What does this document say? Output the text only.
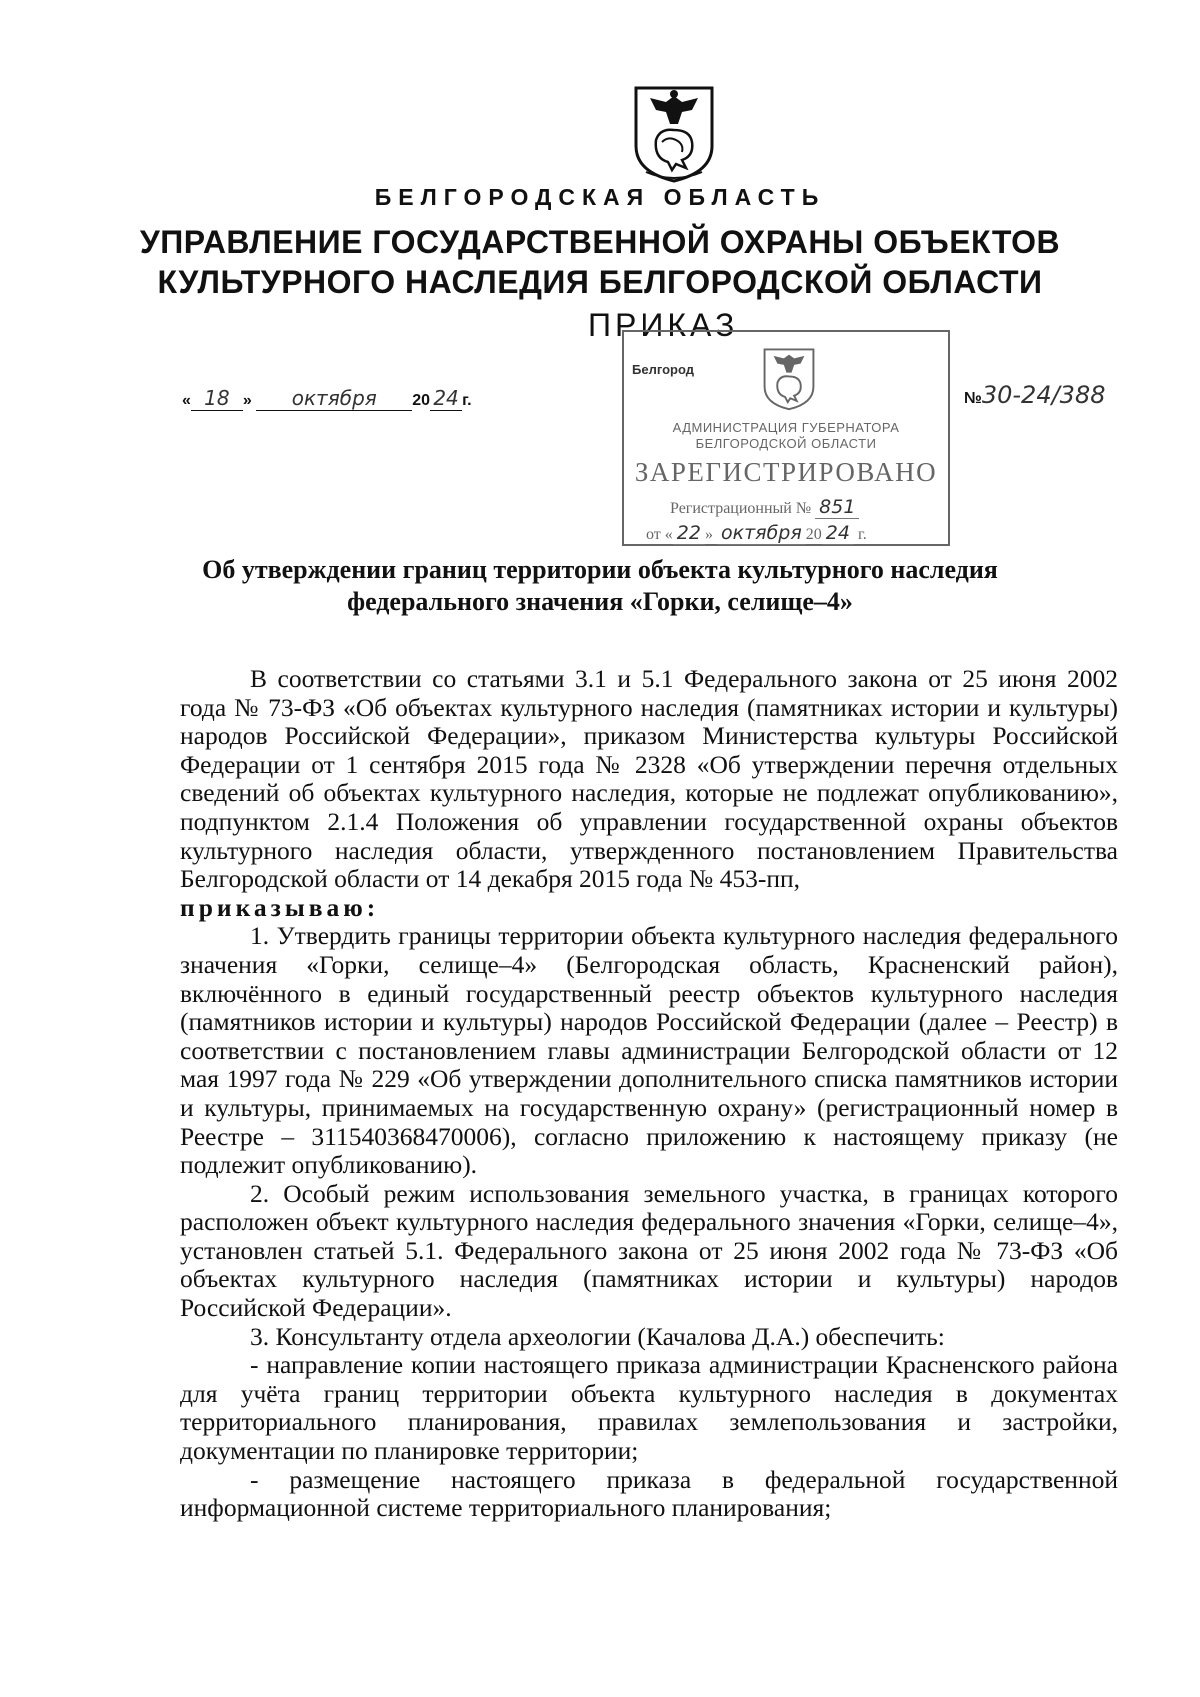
БЕЛГОРОДСКАЯ ОБЛАСТЬ
УПРАВЛЕНИЕ ГОСУДАРСТВЕННОЙ ОХРАНЫ ОБЪЕКТОВ
КУЛЬТУРНОГО НАСЛЕДИЯ БЕЛГОРОДСКОЙ ОБЛАСТИ
ПРИКАЗ
« 18 » октября 20 24 г.	№30-24/388
Белгород
АДМИНИСТРАЦИЯ ГУБЕРНАТОРА
БЕЛГОРОДСКОЙ ОБЛАСТИ
ЗАРЕГИСТРИРОВАНО
Регистрационный № 851
от « 22 » октября 20 24 г.
Об утверждении границ территории объекта культурного наследия
федерального значения «Горки, селище–4»

В соответствии со статьями 3.1 и 5.1 Федерального закона от 25 июня 2002 года № 73-ФЗ «Об объектах культурного наследия (памятниках истории и культуры) народов Российской Федерации», приказом Министерства культуры Российской Федерации от 1 сентября 2015 года № 2328 «Об утверждении перечня отдельных сведений об объектах культурного наследия, которые не подлежат опубликованию», подпунктом 2.1.4 Положения об управлении государственной охраны объектов культурного наследия области, утвержденного постановлением Правительства Белгородской области от 14 декабря 2015 года № 453-пп,

приказываю:

1. Утвердить границы территории объекта культурного наследия федерального значения «Горки, селище–4» (Белгородская область, Красненский район), включённого в единый государственный реестр объектов культурного наследия (памятников истории и культуры) народов Российской Федерации (далее – Реестр) в соответствии с постановлением главы администрации Белгородской области от 12 мая 1997 года № 229 «Об утверждении дополнительного списка памятников истории и культуры, принимаемых на государственную охрану» (регистрационный номер в Реестре – 311540368470006), согласно приложению к настоящему приказу (не подлежит опубликованию).

2. Особый режим использования земельного участка, в границах которого расположен объект культурного наследия федерального значения «Горки, селище–4», установлен статьей 5.1. Федерального закона от 25 июня 2002 года № 73-ФЗ «Об объектах культурного наследия (памятниках истории и культуры) народов Российской Федерации».

3. Консультанту отдела археологии (Качалова Д.А.) обеспечить:

- направление копии настоящего приказа администрации Красненского района для учёта границ территории объекта культурного наследия в документах территориального планирования, правилах землепользования и застройки, документации по планировке территории;

- размещение настоящего приказа в федеральной государственной информационной системе территориального планирования;
